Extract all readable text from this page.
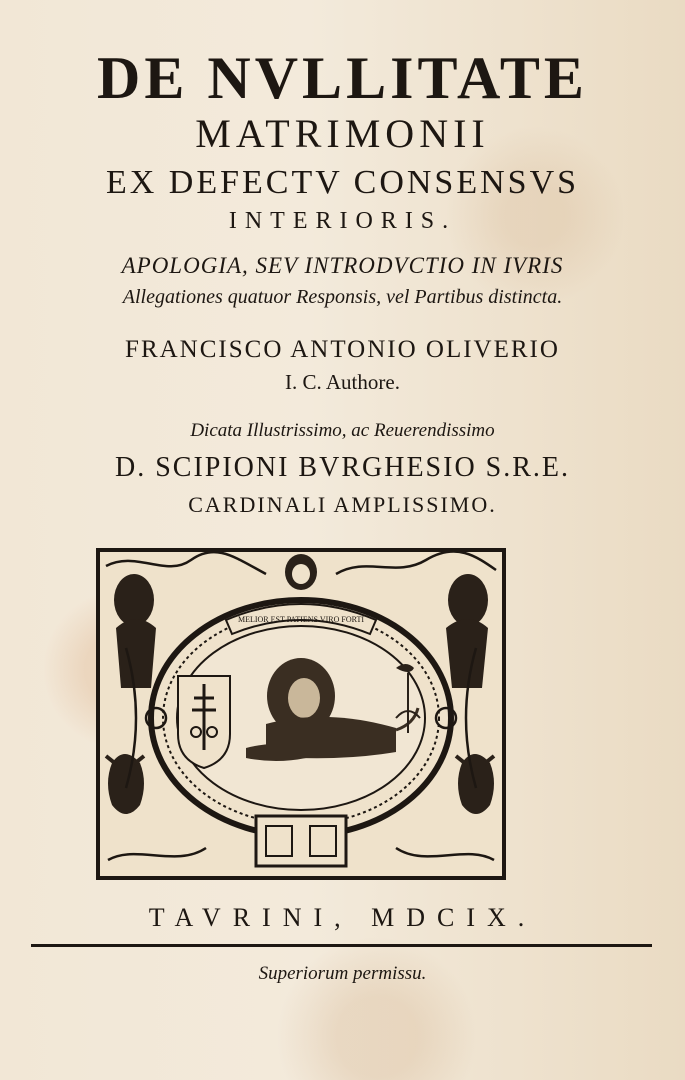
DE NVLLITATE
MATRIMONII
EX DEFECTV CONSENSVS
INTERIORIS.
APOLOGIA, SEV INTRODVCTIO IN IVRIS
Allegationes quatuor Responsis, vel Partibus distincta.
FRANCISCO ANTONIO OLIVERIO
I. C. Authore.
Dicata Illustrissimo, ac Reuerendissimo
D. SCIPIONI BVRGHESIO S.R.E.
CARDINALI AMPLISSIMO.
MELIOR EST PATIENS VIRO FORTI
TAVRINI, MDCIX.
Superiorum permissu.
